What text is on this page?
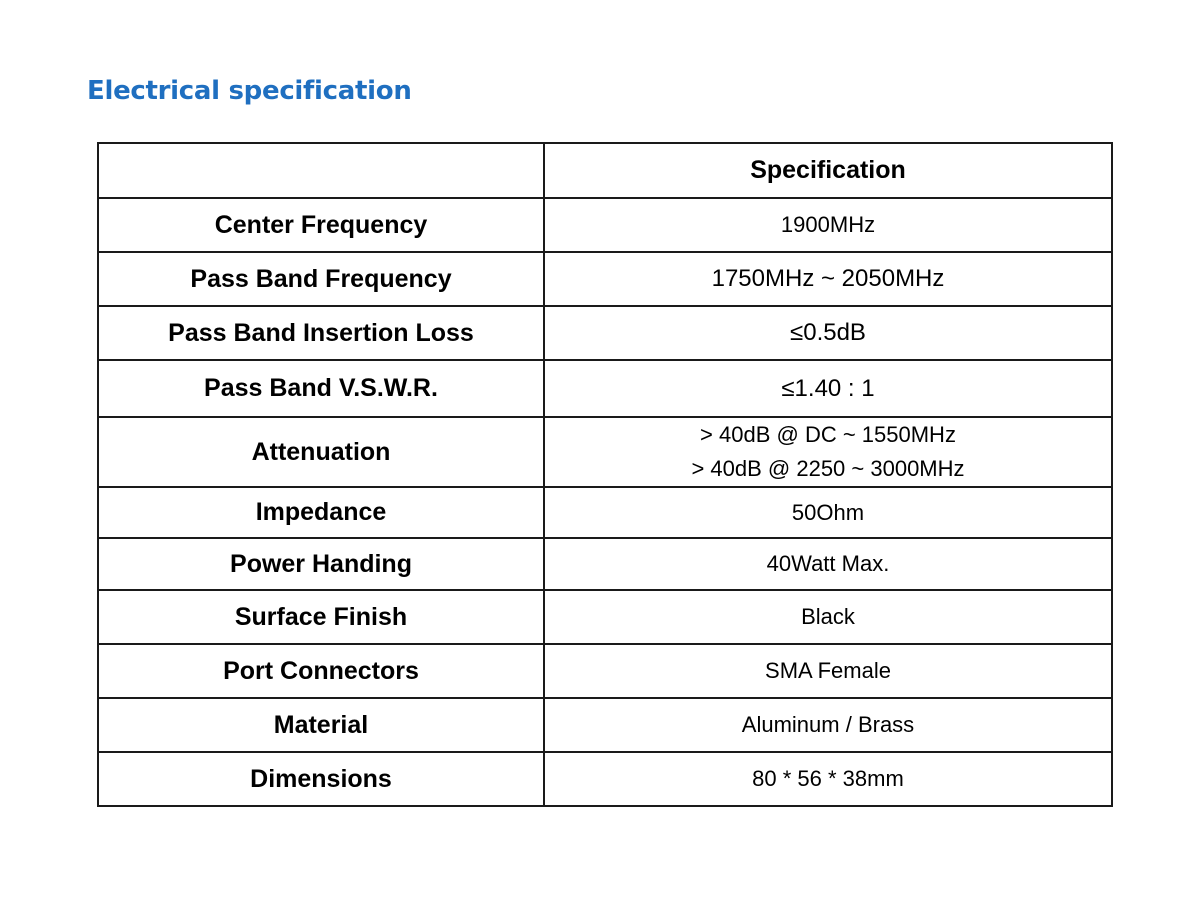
Electrical specification
	Specification
Center Frequency	1900MHz
Pass Band Frequency	1750MHz ~ 2050MHz
Pass Band Insertion Loss	≤0.5dB
Pass Band V.S.W.R.	≤1.40 : 1
Attenuation	> 40dB @ DC ~ 1550MHz
> 40dB @ 2250 ~ 3000MHz

Impedance	50Ohm
Power Handing	40Watt Max.
Surface Finish	Black
Port Connectors	SMA Female
Material	Aluminum / Brass
Dimensions	80 * 56 * 38mm
